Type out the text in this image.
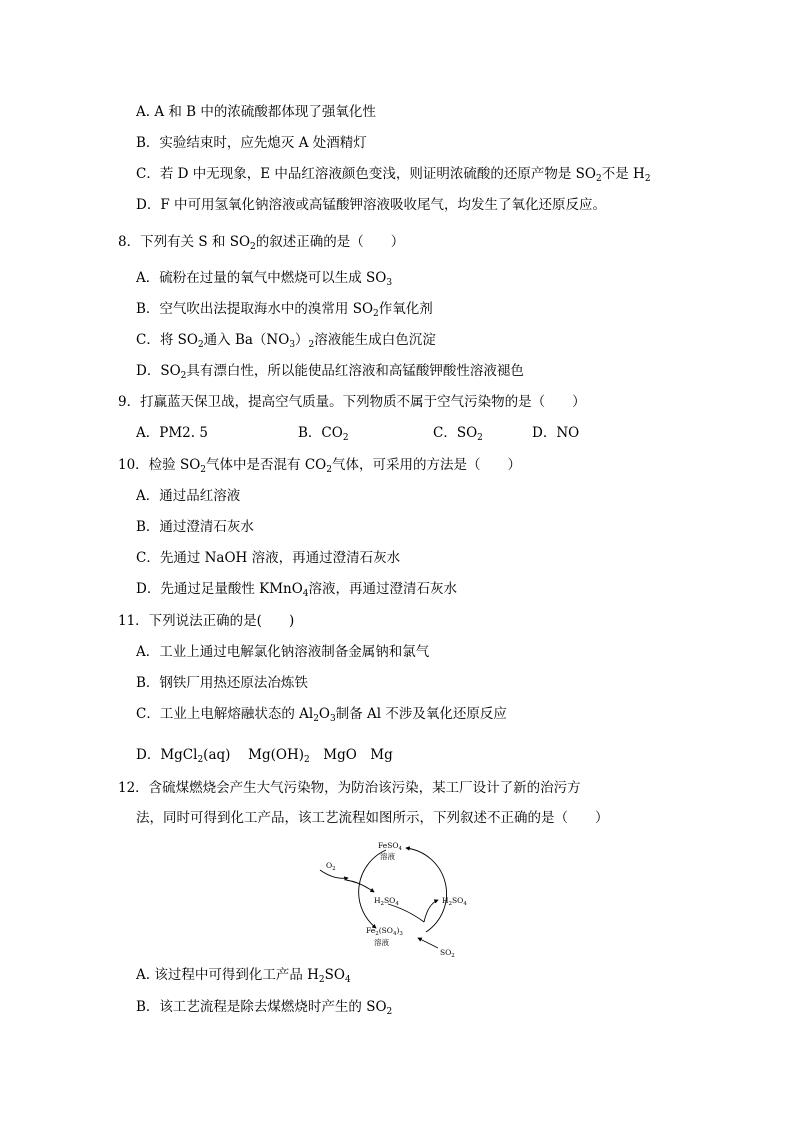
A. A 和 B 中的浓硫酸都体现了强氧化性
B．实验结束时，应先熄灭 A 处酒精灯
C．若 D 中无现象，E 中品红溶液颜色变浅，则证明浓硫酸的还原产物是 $SO_2$不是 $H_2$
D．F 中可用氢氧化钠溶液或高锰酸钾溶液吸收尾气，均发生了氧化还原反应。
8．下列有关 S 和 $SO_2$的叙述正确的是（　　）
A．硫粉在过量的氧气中燃烧可以生成 $SO_3$
B．空气吹出法提取海水中的溴常用 $SO_2$作氧化剂
C．将 $SO_2$通入 $Ba(NO_3)_2$溶液能生成白色沉淀
D．$SO_2$具有漂白性，所以能使品红溶液和高锰酸钾酸性溶液褪色
9．打赢蓝天保卫战，提高空气质量。下列物质不属于空气污染物的是（　　）
A．PM2. 5	B．$CO_2$	C．$SO_2$	D．NO
10．检验 $SO_2$气体中是否混有 $CO_2$气体，可采用的方法是（　　）
A．通过品红溶液
B．通过澄清石灰水
C．先通过 NaOH 溶液，再通过澄清石灰水
D．先通过足量酸性 KMnO$_4$溶液，再通过澄清石灰水
11．下列说法正确的是(　　)
A．工业上通过电解氯化钠溶液制备金属钠和氯气
B．钢铁厂用热还原法冶炼铁
C．工业上电解熔融状态的 $Al_2O_3$制备 Al 不涉及氧化还原反应
D．MgCl$_2$(aq)　 $Mg(OH)_2$　MgO　Mg
12．含硫煤燃烧会产生大气污染物，为防治该污染，某工厂设计了新的治污方
法，同时可得到化工产品，该工艺流程如图所示，下列叙述不正确的是（　　）
FeSO$_4$
溶液
$O_2$
$H_2SO_4$	$H_2SO_4$
$Fe_2(SO_4)_3$
溶液
$SO_2$
A. 该过程中可得到化工产品 $H_2SO_4$
B．该工艺流程是除去煤燃烧时产生的 $SO_2$
